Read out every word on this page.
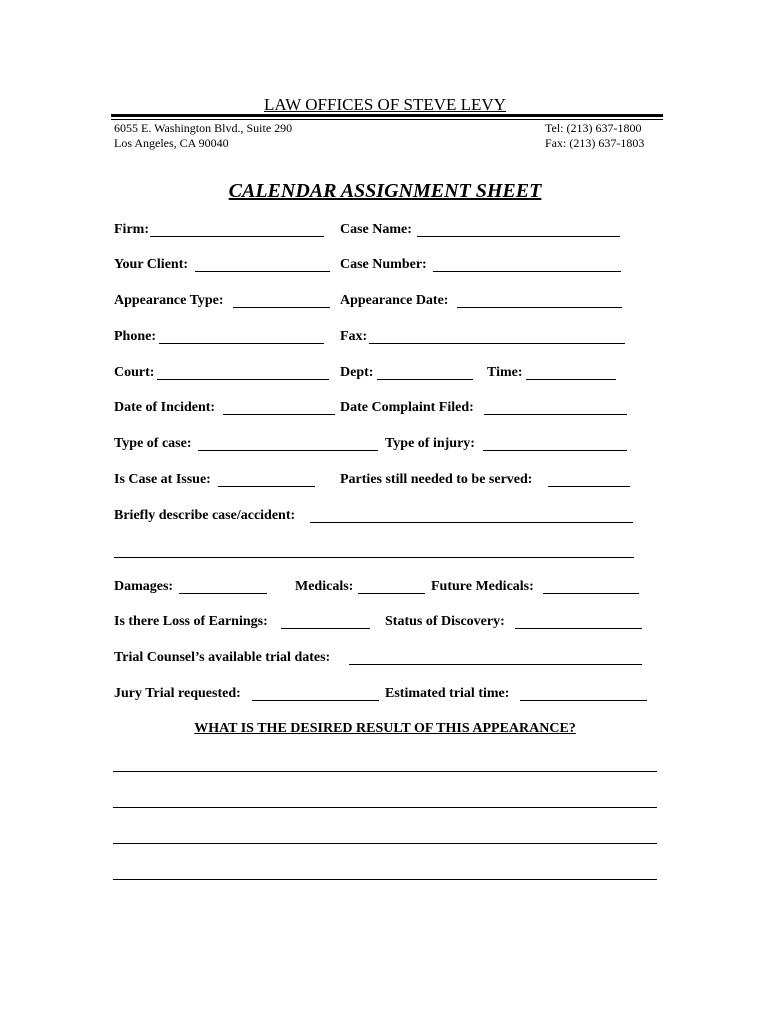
LAW OFFICES OF STEVE LEVY
6055 E. Washington Blvd., Suite 290
Los Angeles, CA 90040
Tel: (213) 637-1800
Fax: (213) 637-1803
CALENDAR ASSIGNMENT SHEET
Firm:	Case Name:
Your Client:	Case Number:
Appearance Type:	Appearance Date:
Phone:	Fax:
Court:	Dept:	Time:
Date of Incident:	Date Complaint Filed:
Type of case:	Type of injury:
Is Case at Issue:	Parties still needed to be served:
Briefly describe case/accident:
Damages:	Medicals:	Future Medicals:
Is there Loss of Earnings:	Status of Discovery:
Trial Counsel’s available trial dates:
Jury Trial requested:	Estimated trial time:
WHAT IS THE DESIRED RESULT OF THIS APPEARANCE?
